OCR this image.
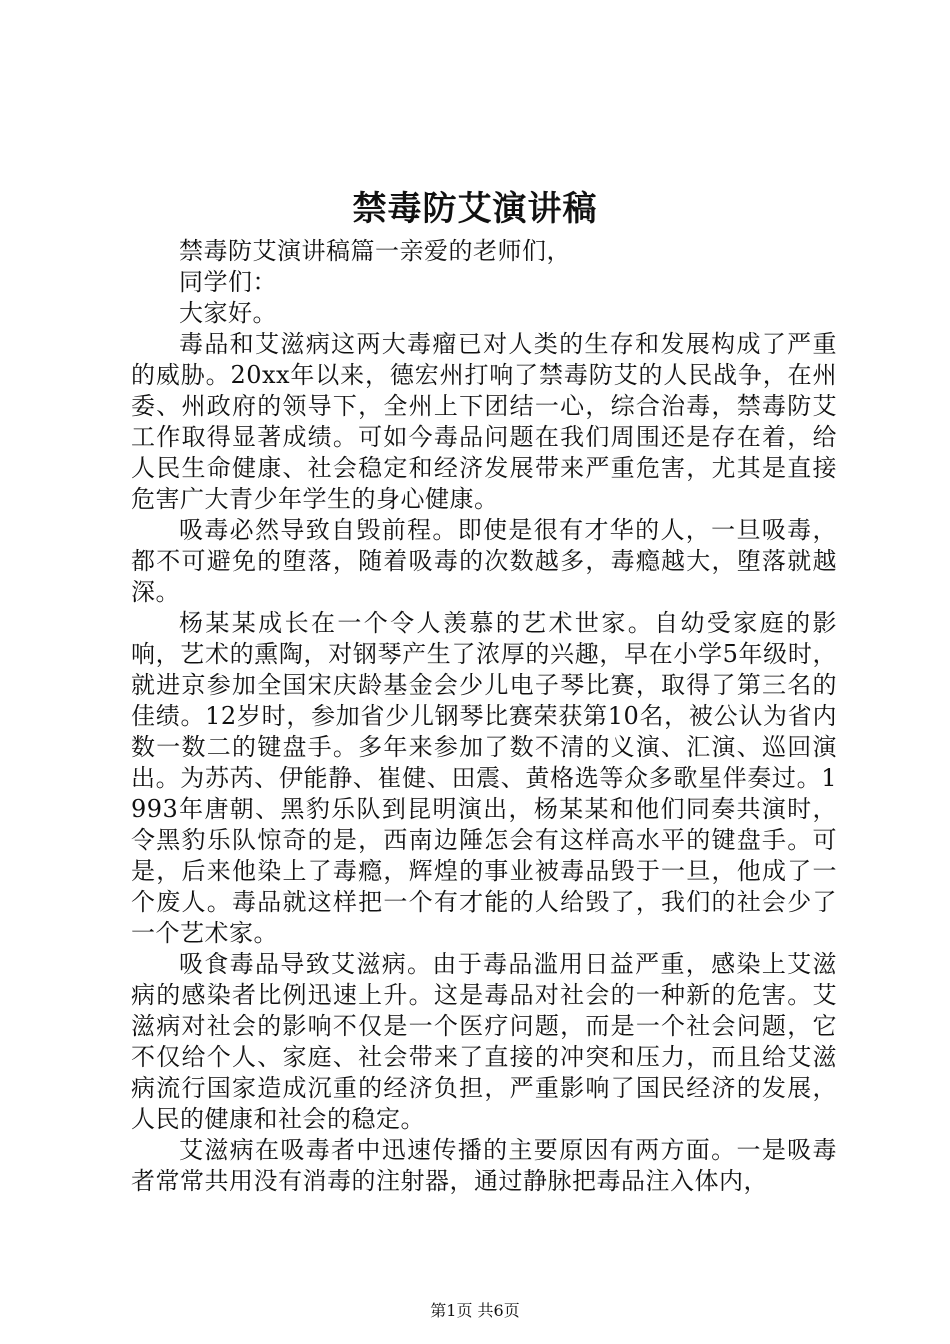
禁毒防艾演讲稿

禁毒防艾演讲稿篇一亲爱的老师们，

同学们：

大家好。

毒品和艾滋病这两大毒瘤已对人类的生存和发展构成了严重的威胁。20xx年以来，德宏州打响了禁毒防艾的人民战争，在州委、州政府的领导下，全州上下团结一心，综合治毒，禁毒防艾工作取得显著成绩。可如今毒品问题在我们周围还是存在着，给人民生命健康、社会稳定和经济发展带来严重危害，尤其是直接危害广大青少年学生的身心健康。

吸毒必然导致自毁前程。即使是很有才华的人，一旦吸毒，都不可避免的堕落，随着吸毒的次数越多，毒瘾越大，堕落就越深。

杨某某成长在一个令人羡慕的艺术世家。自幼受家庭的影响，艺术的熏陶，对钢琴产生了浓厚的兴趣，早在小学5年级时，就进京参加全国宋庆龄基金会少儿电子琴比赛，取得了第三名的佳绩。12岁时，参加省少儿钢琴比赛荣获第10名，被公认为省内数一数二的键盘手。多年来参加了数不清的义演、汇演、巡回演出。为苏芮、伊能静、崔健、田震、黄格选等众多歌星伴奏过。1993年唐朝、黑豹乐队到昆明演出，杨某某和他们同奏共演时，令黑豹乐队惊奇的是，西南边陲怎会有这样高水平的键盘手。可是，后来他染上了毒瘾，辉煌的事业被毒品毁于一旦，他成了一个废人。毒品就这样把一个有才能的人给毁了，我们的社会少了一个艺术家。

吸食毒品导致艾滋病。由于毒品滥用日益严重，感染上艾滋病的感染者比例迅速上升。这是毒品对社会的一种新的危害。艾滋病对社会的影响不仅是一个医疗问题，而是一个社会问题，它不仅给个人、家庭、社会带来了直接的冲突和压力，而且给艾滋病流行国家造成沉重的经济负担，严重影响了国民经济的发展，人民的健康和社会的稳定。

艾滋病在吸毒者中迅速传播的主要原因有两方面。一是吸毒者常常共用没有消毒的注射器，通过静脉把毒品注入体内，

第1页 共6页
